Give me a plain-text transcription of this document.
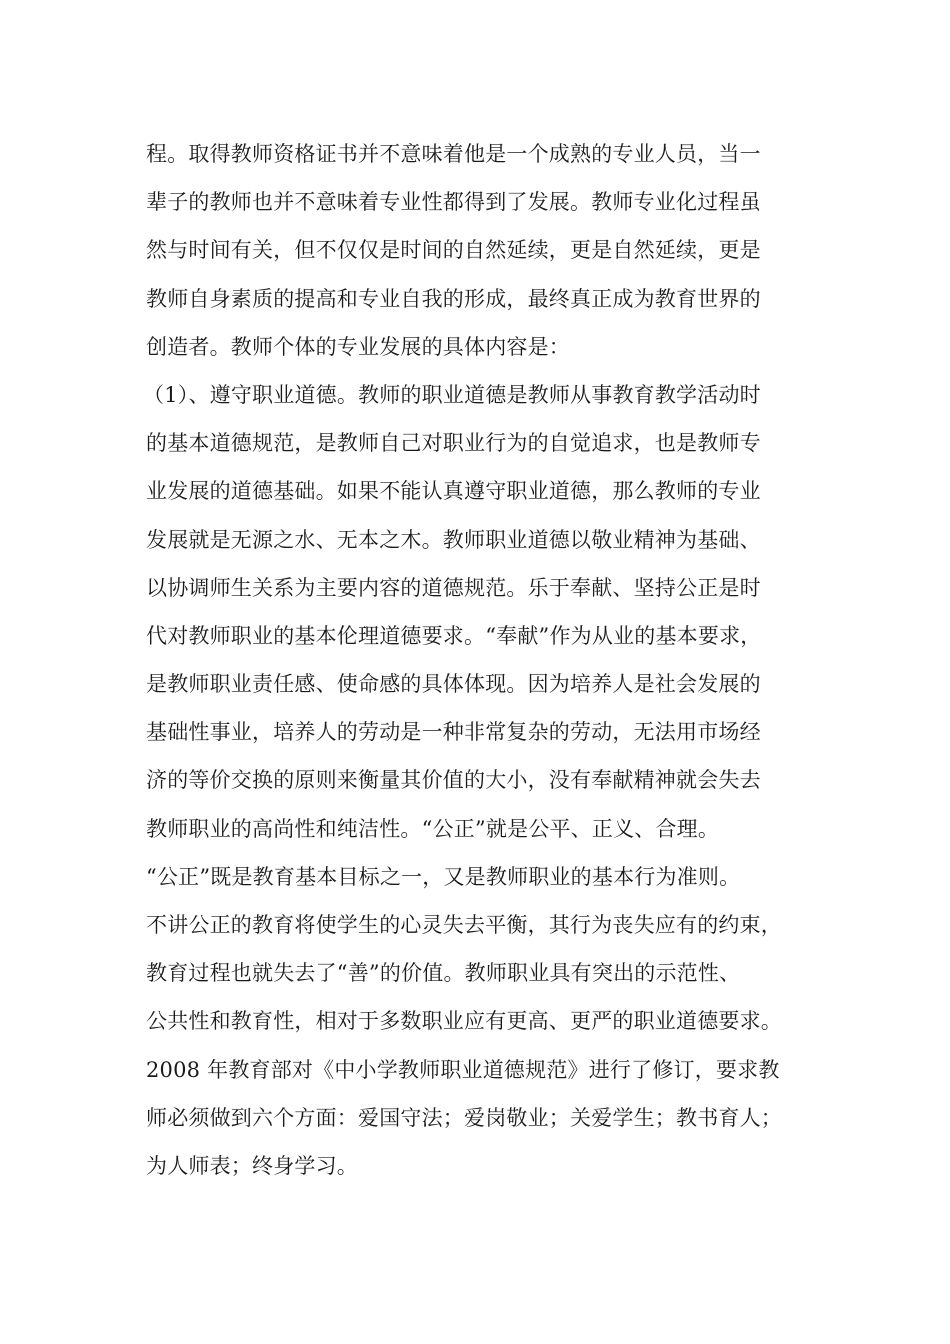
程。取得教师资格证书并不意味着他是一个成熟的专业人员，当一
辈子的教师也并不意味着专业性都得到了发展。教师专业化过程虽
然与时间有关，但不仅仅是时间的自然延续，更是自然延续，更是
教师自身素质的提高和专业自我的形成，最终真正成为教育世界的
创造者。教师个体的专业发展的具体内容是：
（1）、遵守职业道德。教师的职业道德是教师从事教育教学活动时
的基本道德规范，是教师自己对职业行为的自觉追求，也是教师专
业发展的道德基础。如果不能认真遵守职业道德，那么教师的专业
发展就是无源之水、无本之木。教师职业道德以敬业精神为基础、
以协调师生关系为主要内容的道德规范。乐于奉献、坚持公正是时
代对教师职业的基本伦理道德要求。“奉献”作为从业的基本要求，
是教师职业责任感、使命感的具体体现。因为培养人是社会发展的
基础性事业，培养人的劳动是一种非常复杂的劳动，无法用市场经
济的等价交换的原则来衡量其价值的大小，没有奉献精神就会失去
教师职业的高尚性和纯洁性。“公正”就是公平、正义、合理。
“公正”既是教育基本目标之一，又是教师职业的基本行为准则。
不讲公正的教育将使学生的心灵失去平衡，其行为丧失应有的约束，
教育过程也就失去了“善”的价值。教师职业具有突出的示范性、
公共性和教育性，相对于多数职业应有更高、更严的职业道德要求。
2008 年教育部对《中小学教师职业道德规范》进行了修订，要求教
师必须做到六个方面：爱国守法；爱岗敬业；关爱学生；教书育人；
为人师表；终身学习。
